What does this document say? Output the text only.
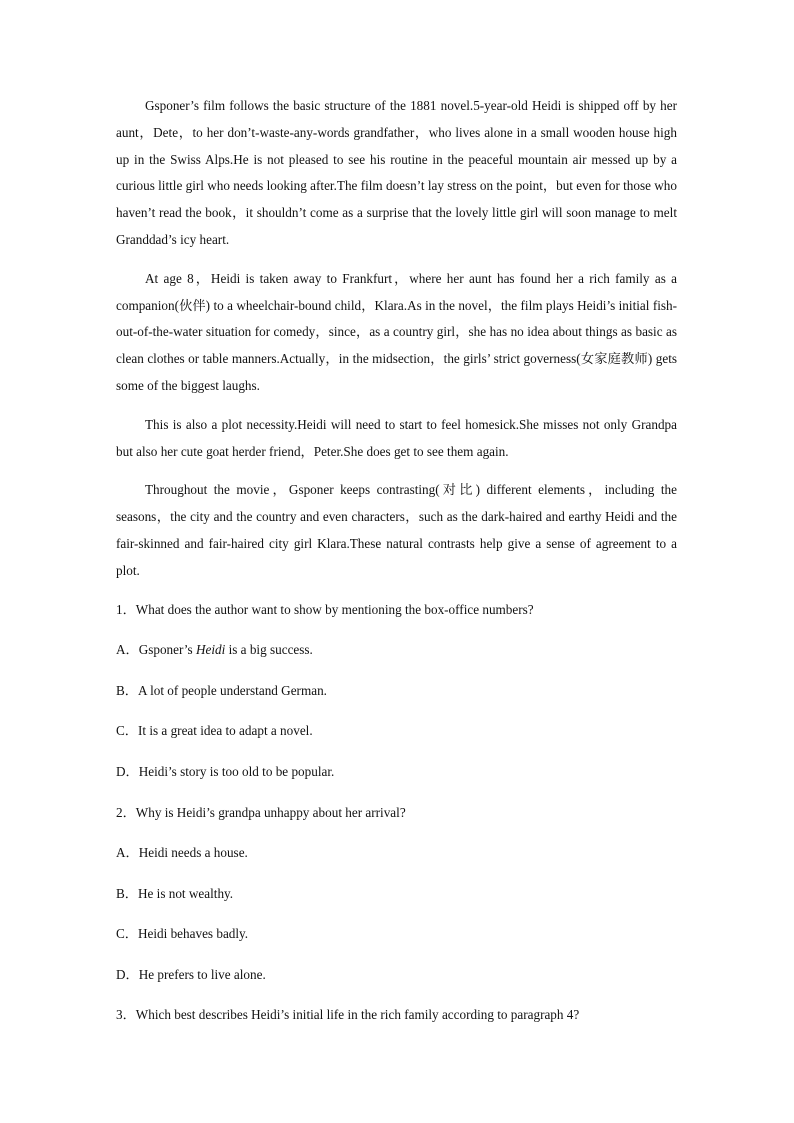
Gsponer’s film follows the basic structure of the 1881 novel.5-year-old Heidi is shipped off by her aunt，Dete，to her don’t-waste-any-words grandfather，who lives alone in a small wooden house high up in the Swiss Alps.He is not pleased to see his routine in the peaceful mountain air messed up by a curious little girl who needs looking after.The film doesn’t lay stress on the point，but even for those who haven’t read the book，it shouldn’t come as a surprise that the lovely little girl will soon manage to melt Granddad’s icy heart.

At age 8，Heidi is taken away to Frankfurt，where her aunt has found her a rich family as a companion(伙伴) to a wheelchair-bound child，Klara.As in the novel，the film plays Heidi’s initial fish-out-of-the-water situation for comedy，since，as a country girl，she has no idea about things as basic as clean clothes or table manners.Actually，in the midsection，the girls’ strict governess(女家庭教师) gets some of the biggest laughs.

This is also a plot necessity.Heidi will need to start to feel homesick.She misses not only Grandpa but also her cute goat herder friend，Peter.She does get to see them again.

Throughout the movie，Gsponer keeps contrasting(对比) different elements，including the seasons，the city and the country and even characters，such as the dark-haired and earthy Heidi and the fair-skinned and fair-haired city girl Klara.These natural contrasts help give a sense of agreement to a plot.

1．What does the author want to show by mentioning the box-office numbers?

A．Gsponer’s Heidi is a big success.

B．A lot of people understand German.

C．It is a great idea to adapt a novel.

D．Heidi’s story is too old to be popular.

2．Why is Heidi’s grandpa unhappy about her arrival?

A．Heidi needs a house.

B．He is not wealthy.

C．Heidi behaves badly.

D．He prefers to live alone.

3．Which best describes Heidi’s initial life in the rich family according to paragraph 4?
